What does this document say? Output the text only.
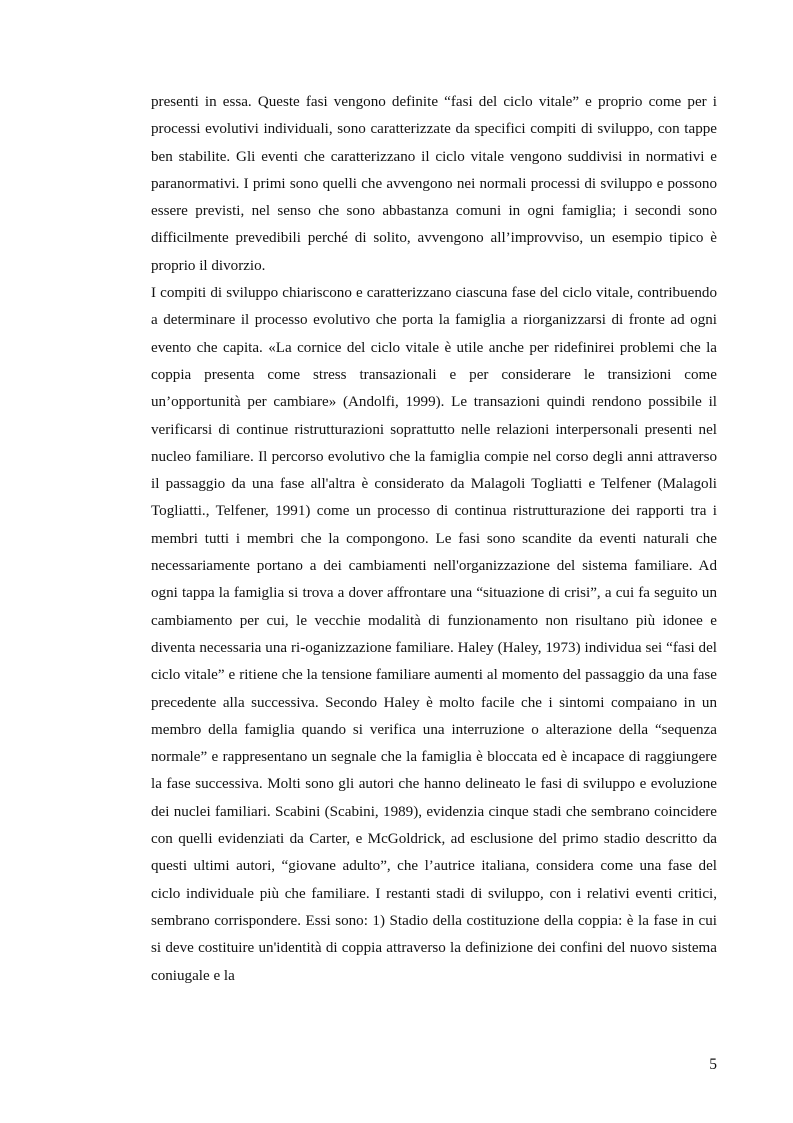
presenti in essa. Queste fasi vengono definite “fasi del ciclo vitale” e proprio come per i processi evolutivi individuali, sono caratterizzate da specifici compiti di sviluppo, con tappe ben stabilite. Gli eventi che caratterizzano il ciclo vitale vengono suddivisi in normativi e paranormativi. I primi sono quelli che avvengono nei normali processi di sviluppo e possono essere previsti, nel senso che sono abbastanza comuni in ogni famiglia; i secondi sono difficilmente prevedibili perché di solito, avvengono all’improvviso, un esempio tipico è proprio il divorzio.

I compiti di sviluppo chiariscono e caratterizzano ciascuna fase del ciclo vitale, contribuendo a determinare il processo evolutivo che porta la famiglia a riorganizzarsi di fronte ad ogni evento che capita. «La cornice del ciclo vitale è utile anche per ridefinirei problemi che la coppia presenta come stress transazionali e per considerare le transizioni come un’opportunità per cambiare» (Andolfi, 1999). Le transazioni quindi rendono possibile il verificarsi di continue ristrutturazioni soprattutto nelle relazioni interpersonali presenti nel nucleo familiare. Il percorso evolutivo che la famiglia compie nel corso degli anni attraverso il passaggio da una fase all'altra è considerato da Malagoli Togliatti e Telfener (Malagoli Togliatti., Telfener, 1991) come un processo di continua ristrutturazione dei rapporti tra i membri tutti i membri che la compongono. Le fasi sono scandite da eventi naturali che necessariamente portano a dei cambiamenti nell'organizzazione del sistema familiare. Ad ogni tappa la famiglia si trova a dover affrontare una “situazione di crisi”, a cui fa seguito un cambiamento per cui, le vecchie modalità di funzionamento non risultano più idonee e diventa necessaria una ri-oganizzazione familiare. Haley (Haley, 1973) individua sei “fasi del ciclo vitale” e ritiene che la tensione familiare aumenti al momento del passaggio da una fase precedente alla successiva. Secondo Haley è molto facile che i sintomi compaiano in un membro della famiglia quando si verifica una interruzione o alterazione della “sequenza normale” e rappresentano un segnale che la famiglia è bloccata ed è incapace di raggiungere la fase successiva. Molti sono gli autori che hanno delineato le fasi di sviluppo e evoluzione dei nuclei familiari. Scabini (Scabini, 1989), evidenzia cinque stadi che sembrano coincidere con quelli evidenziati da Carter, e McGoldrick, ad esclusione del primo stadio descritto da questi ultimi autori, “giovane adulto”, che l’autrice italiana, considera come una fase del ciclo individuale più che familiare. I restanti stadi di sviluppo, con i relativi eventi critici, sembrano corrispondere. Essi sono: 1) Stadio della costituzione della coppia: è la fase in cui si deve costituire un'identità di coppia attraverso la definizione dei confini del nuovo sistema coniugale e la

5
